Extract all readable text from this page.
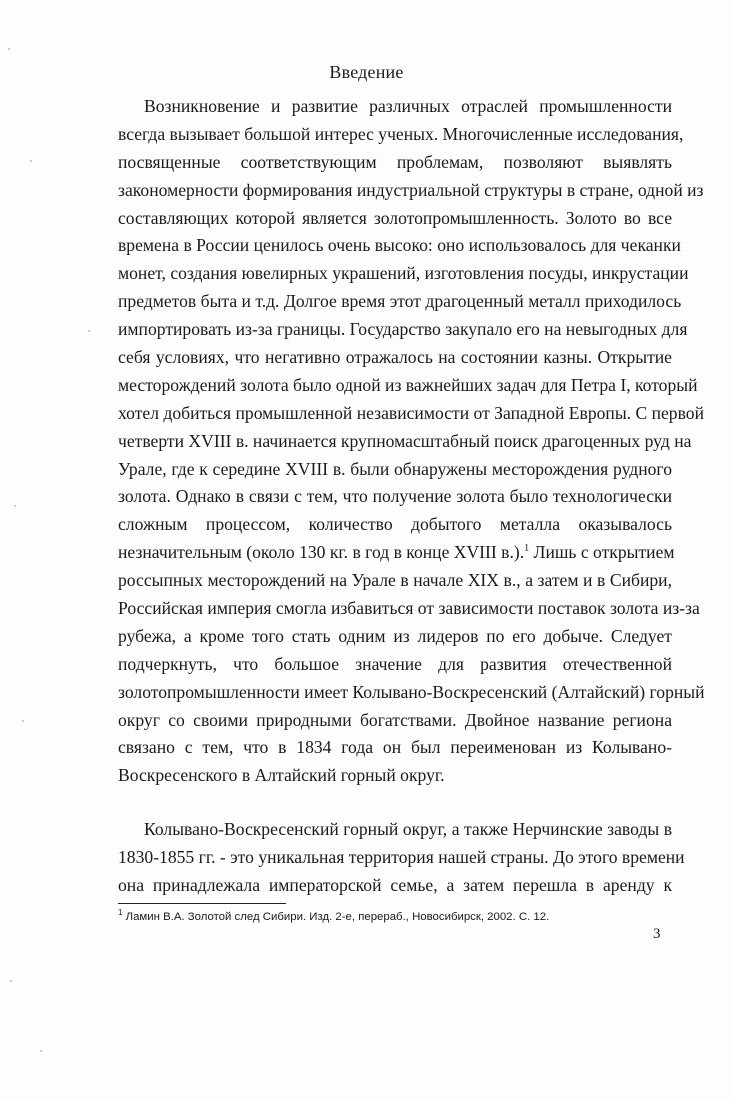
Введение
Возникновение и развитие различных отраслей промышленности
всегда вызывает большой интерес ученых. Многочисленные исследования,
посвященные соответствующим проблемам, позволяют выявлять
закономерности формирования индустриальной структуры в стране, одной из
составляющих которой является золотопромышленность. Золото во все
времена в России ценилось очень высоко: оно использовалось для чеканки
монет, создания ювелирных украшений, изготовления посуды, инкрустации
предметов быта и т.д. Долгое время этот драгоценный металл приходилось
импортировать из-за границы. Государство закупало его на невыгодных для
себя условиях, что негативно отражалось на состоянии казны. Открытие
месторождений золота было одной из важнейших задач для Петра I, который
хотел добиться промышленной независимости от Западной Европы. С первой
четверти XVIII в. начинается крупномасштабный поиск драгоценных руд на
Урале, где к середине XVIII в. были обнаружены месторождения рудного
золота. Однако в связи с тем, что получение золота было технологически
сложным процессом, количество добытого металла оказывалось
незначительным (около 130 кг. в год в конце XVIII в.).$^1$ Лишь с открытием
россыпных месторождений на Урале в начале XIX в., а затем и в Сибири,
Российская империя смогла избавиться от зависимости поставок золота из-за
рубежа, а кроме того стать одним из лидеров по его добыче. Следует
подчеркнуть, что большое значение для развития отечественной
золотопромышленности имеет Колывано-Воскресенский (Алтайский) горный
округ со своими природными богатствами. Двойное название региона
связано с тем, что в 1834 года он был переименован из Колывано-
Воскресенского в Алтайский горный округ.
Колывано-Воскресенский горный округ, а также Нерчинские заводы в
1830-1855 гг. - это уникальная территория нашей страны. До этого времени
она принадлежала императорской семье, а затем перешла в аренду к
$^1$ Ламин В.А. Золотой след Сибири. Изд. 2-е, перераб., Новосибирск, 2002. С. 12.
3
